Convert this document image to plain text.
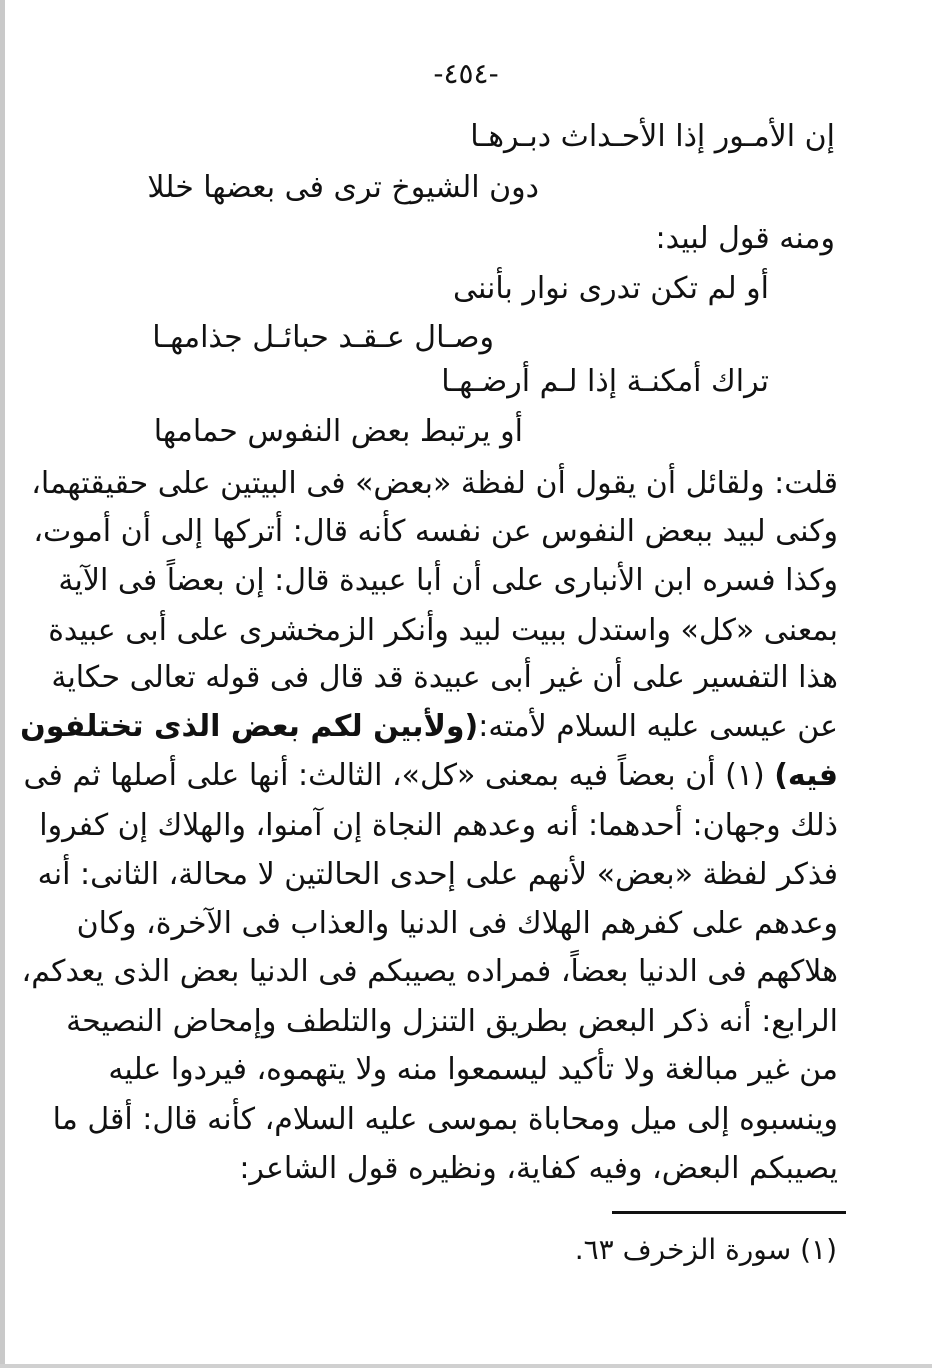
-٤٥٤-

إن الأمـور إذا الأحـداث دبـرهـا

دون الشيوخ ترى فى بعضها خللا

ومنه قول لبيد:

أو لم تكن تدرى نوار بأننى

وصـال عـقـد حبائـل جذامهـا

تراك أمكنـة إذا لـم أرضـهـا

أو يرتبط بعض النفوس حمامها

قلت: ولقائل أن يقول أن لفظة «بعض» فى البيتين على حقيقتهما،

وكنى لبيد ببعض النفوس عن نفسه كأنه قال: أتركها إلى أن أموت،

وكذا فسره ابن الأنبارى على أن أبا عبيدة قال: إن بعضاً فى الآية

بمعنى «كل» واستدل ببيت لبيد وأنكر الزمخشرى على أبى عبيدة

هذا التفسير على أن غير أبى عبيدة قد قال فى قوله تعالى حكاية

عن عيسى عليه السلام لأمته:(ولأبين لكم بعض الذى تختلفون

فيه) (١) أن بعضاً فيه بمعنى «كل»، الثالث: أنها على أصلها ثم فى

ذلك وجهان: أحدهما: أنه وعدهم النجاة إن آمنوا، والهلاك إن كفروا

فذكر لفظة «بعض» لأنهم على إحدى الحالتين لا محالة، الثانى: أنه

وعدهم على كفرهم الهلاك فى الدنيا والعذاب فى الآخرة، وكان

هلاكهم فى الدنيا بعضاً، فمراده يصيبكم فى الدنيا بعض الذى يعدكم،

الرابع: أنه ذكر البعض بطريق التنزل والتلطف وإمحاض النصيحة

من غير مبالغة ولا تأكيد ليسمعوا منه ولا يتهموه، فيردوا عليه

وينسبوه إلى ميل ومحاباة بموسى عليه السلام، كأنه قال: أقل ما

يصيبكم البعض، وفيه كفاية، ونظيره قول الشاعر:

(١) سورة الزخرف ٦٣.
